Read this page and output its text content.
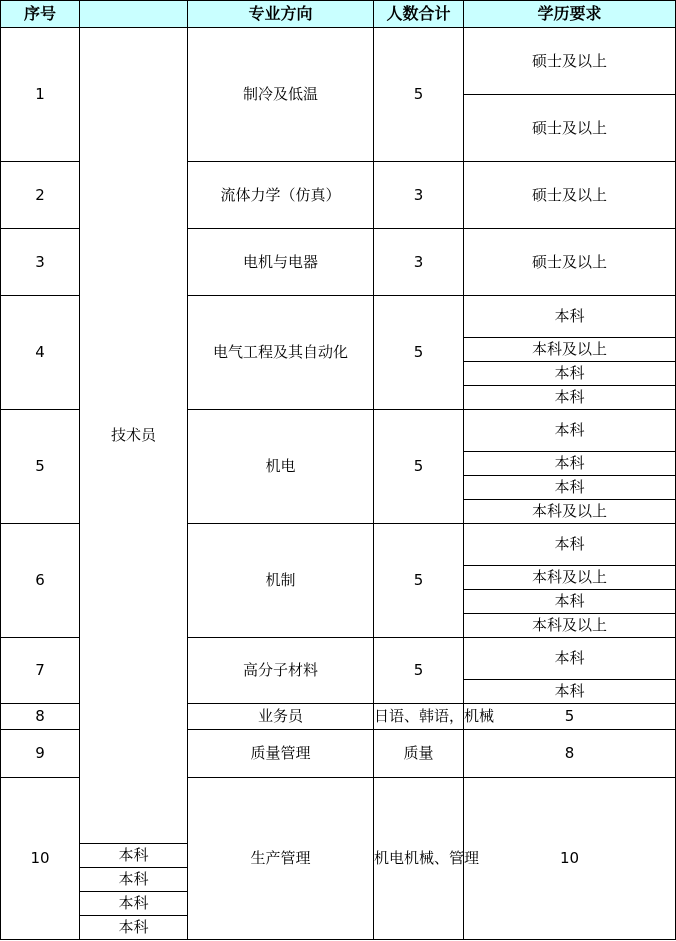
序号		专业方向	人数合计	学历要求	
1	技术员	制冷及低温	5	硕士及以上	
				硕士及以上	
2		流体力学（仿真）	3	硕士及以上	
3		电机与电器	3	硕士及以上	
4		电气工程及其自动化	5	本科	
				本科及以上	
				本科	
				本科	
5		机电	5	本科	
				本科	
				本科	
				本科及以上	
6		机制	5	本科	
				本科及以上	
				本科	
				本科及以上	
7		高分子材料	5	本科	
				本科	
8		业务员	日语、韩语，机械	5	
9		质量管理	质量	8	

10		生产管理	机电机械、管理	10	

	本科				
	本科				
	本科				
	本科				
